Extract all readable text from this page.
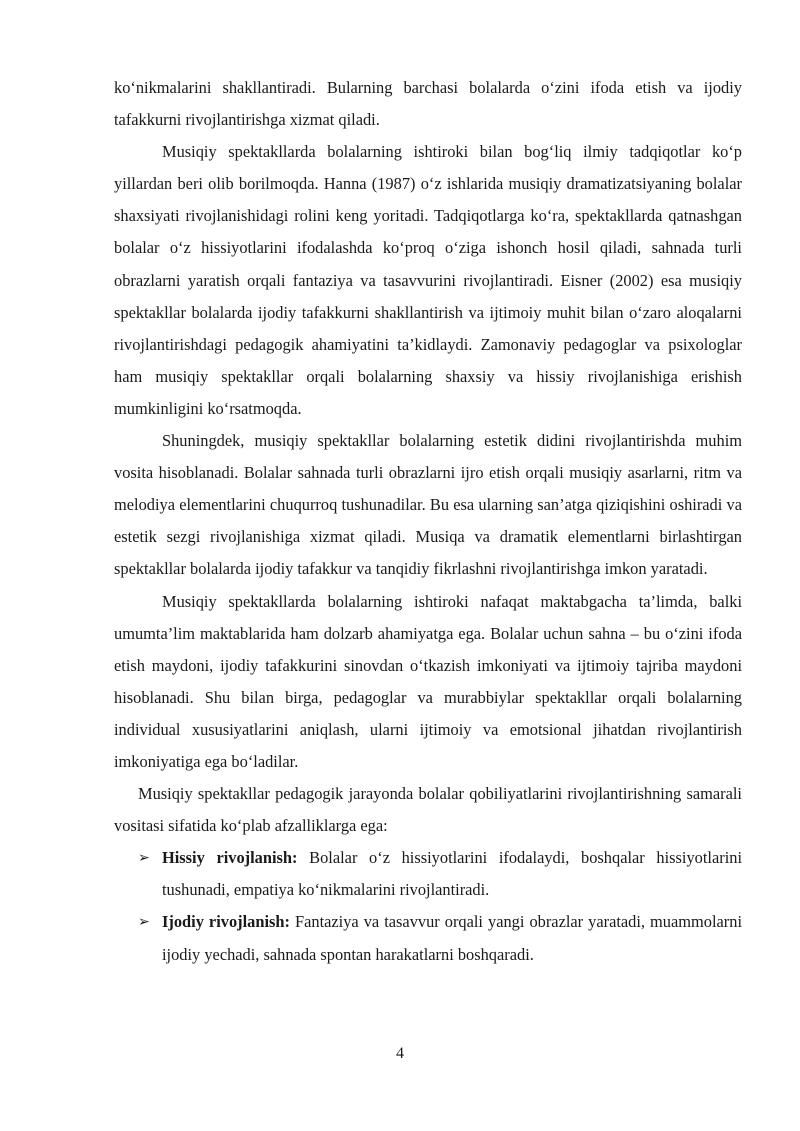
ko‘nikmalarini shakllantiradi. Bularning barchasi bolalarda o‘zini ifoda etish va ijodiy tafakkurni rivojlantirishga xizmat qiladi.

Musiqiy spektakllarda bolalarning ishtiroki bilan bog‘liq ilmiy tadqiqotlar ko‘p yillardan beri olib borilmoqda. Hanna (1987) o‘z ishlarida musiqiy dramatizatsiyaning bolalar shaxsiyati rivojlanishidagi rolini keng yoritadi. Tadqiqotlarga ko‘ra, spektakllarda qatnashgan bolalar o‘z hissiyotlarini ifodalashda ko‘proq o‘ziga ishonch hosil qiladi, sahnada turli obrazlarni yaratish orqali fantaziya va tasavvurini rivojlantiradi. Eisner (2002) esa musiqiy spektakllar bolalarda ijodiy tafakkurni shakllantirish va ijtimoiy muhit bilan o‘zaro aloqalarni rivojlantirishdagi pedagogik ahamiyatini ta’kidlaydi. Zamonaviy pedagoglar va psixologlar ham musiqiy spektakllar orqali bolalarning shaxsiy va hissiy rivojlanishiga erishish mumkinligini ko‘rsatmoqda.

Shuningdek, musiqiy spektakllar bolalarning estetik didini rivojlantirishda muhim vosita hisoblanadi. Bolalar sahnada turli obrazlarni ijro etish orqali musiqiy asarlarni, ritm va melodiya elementlarini chuqurroq tushunadilar. Bu esa ularning san’atga qiziqishini oshiradi va estetik sezgi rivojlanishiga xizmat qiladi. Musiqa va dramatik elementlarni birlashtirgan spektakllar bolalarda ijodiy tafakkur va tanqidiy fikrlashni rivojlantirishga imkon yaratadi.

Musiqiy spektakllarda bolalarning ishtiroki nafaqat maktabgacha ta’limda, balki umumta’lim maktablarida ham dolzarb ahamiyatga ega. Bolalar uchun sahna – bu o‘zini ifoda etish maydoni, ijodiy tafakkurini sinovdan o‘tkazish imkoniyati va ijtimoiy tajriba maydoni hisoblanadi. Shu bilan birga, pedagoglar va murabbiylar spektakllar orqali bolalarning individual xususiyatlarini aniqlash, ularni ijtimoiy va emotsional jihatdan rivojlantirish imkoniyatiga ega bo‘ladilar.

Musiqiy spektakllar pedagogik jarayonda bolalar qobiliyatlarini rivojlantirishning samarali vositasi sifatida ko‘plab afzalliklarga ega:

➢ Hissiy rivojlanish: Bolalar o‘z hissiyotlarini ifodalaydi, boshqalar hissiyotlarini tushunadi, empatiya ko‘nikmalarini rivojlantiradi.
➢ Ijodiy rivojlanish: Fantaziya va tasavvur orqali yangi obrazlar yaratadi, muammolarni ijodiy yechadi, sahnada spontan harakatlarni boshqaradi.
4
